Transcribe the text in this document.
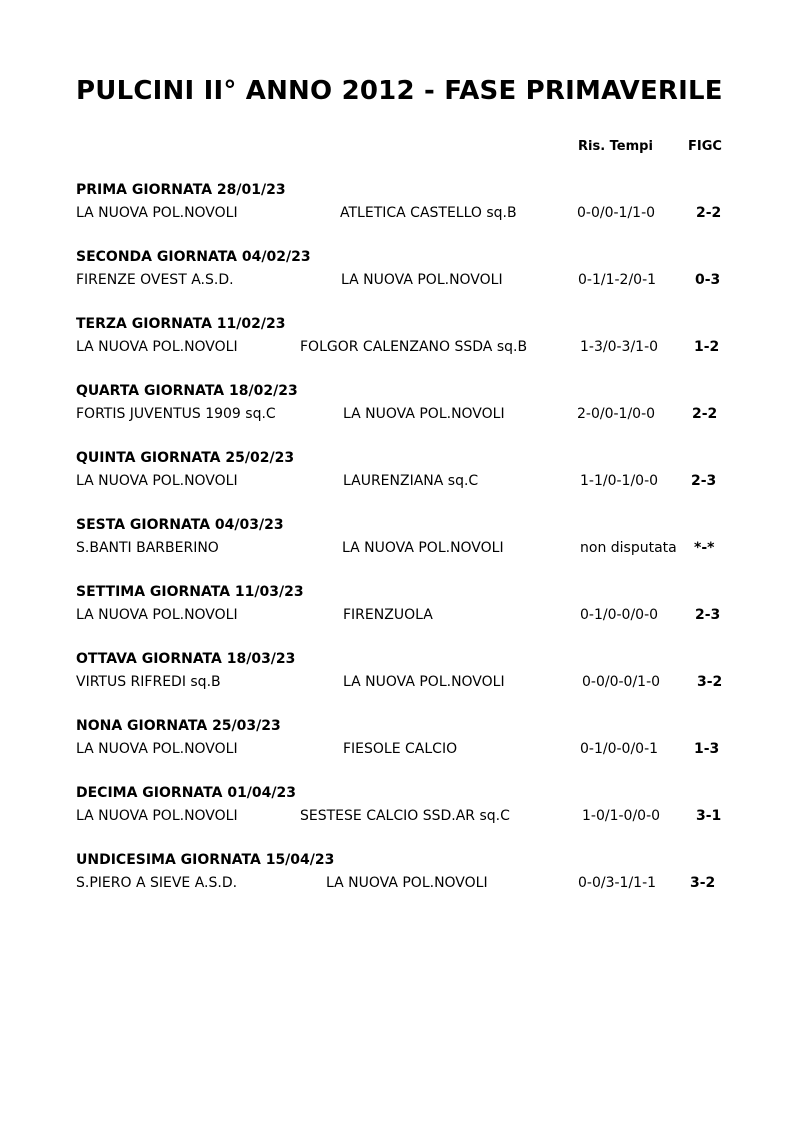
PULCINI II° ANNO 2012 - FASE PRIMAVERILE
Ris. Tempi	FIGC
PRIMA GIORNATA 28/01/23
LA NUOVA POL.NOVOLI	ATLETICA CASTELLO sq.B	0-0/0-1/1-0	2-2
SECONDA GIORNATA 04/02/23
FIRENZE OVEST A.S.D.	LA NUOVA POL.NOVOLI	0-1/1-2/0-1	0-3
TERZA GIORNATA 11/02/23
LA NUOVA POL.NOVOLI	FOLGOR CALENZANO SSDA sq.B	1-3/0-3/1-0	1-2
QUARTA GIORNATA 18/02/23
FORTIS JUVENTUS 1909 sq.C	LA NUOVA POL.NOVOLI	2-0/0-1/0-0	2-2
QUINTA GIORNATA 25/02/23
LA NUOVA POL.NOVOLI	LAURENZIANA sq.C	1-1/0-1/0-0 2-3
SESTA GIORNATA 04/03/23
S.BANTI BARBERINO	LA NUOVA POL.NOVOLI	non disputata *-*
SETTIMA GIORNATA 11/03/23
LA NUOVA POL.NOVOLI	FIRENZUOLA	0-1/0-0/0-0	2-3
OTTAVA GIORNATA 18/03/23
VIRTUS RIFREDI sq.B	LA NUOVA POL.NOVOLI	0-0/0-0/1-0	3-2
NONA GIORNATA 25/03/23
LA NUOVA POL.NOVOLI	FIESOLE CALCIO	0-1/0-0/0-1	1-3
DECIMA GIORNATA 01/04/23
LA NUOVA POL.NOVOLI	SESTESE CALCIO SSD.AR sq.C	1-0/1-0/0-0	3-1
UNDICESIMA GIORNATA 15/04/23
S.PIERO A SIEVE A.S.D.	LA NUOVA POL.NOVOLI	0-0/3-1/1-1 3-2
